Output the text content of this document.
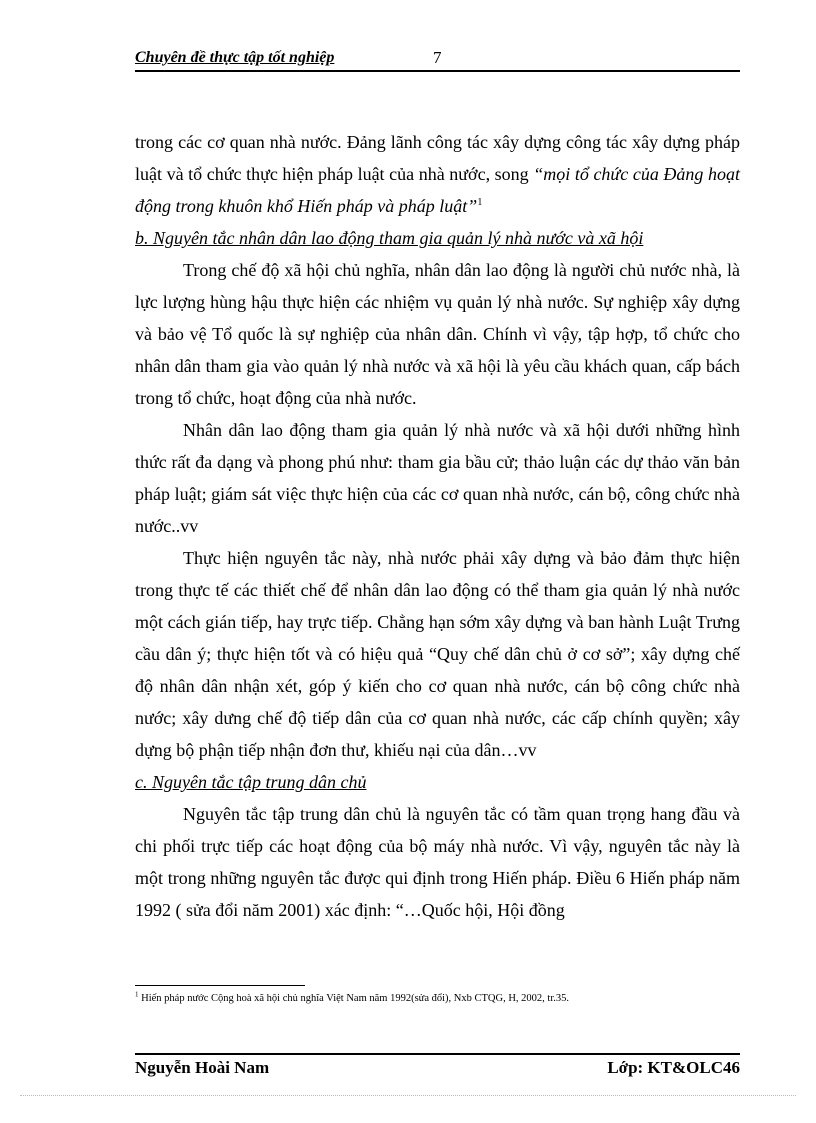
Chuyên đề thực tập tốt nghiệp	7

trong các cơ quan nhà nước. Đảng lãnh công tác xây dựng công tác xây dựng pháp luật và tổ chức thực hiện pháp luật của nhà nước, song “mọi tổ chức của Đảng hoạt động trong khuôn khổ Hiến pháp và pháp luật”$^1$

b. Nguyên tắc nhân dân lao động tham gia quản lý nhà nước và xã hội

Trong chế độ xã hội chủ nghĩa, nhân dân lao động là người chủ nước nhà, là lực lượng hùng hậu thực hiện các nhiệm vụ quản lý nhà nước. Sự nghiệp xây dựng và bảo vệ Tổ quốc là sự nghiệp của nhân dân. Chính vì vậy, tập hợp, tổ chức cho nhân dân tham gia vào quản lý nhà nước và xã hội là yêu cầu khách quan, cấp bách trong tổ chức, hoạt động của nhà nước.

Nhân dân lao động tham gia quản lý nhà nước và xã hội dưới những hình thức rất đa dạng và phong phú như: tham gia bầu cử; thảo luận các dự thảo văn bản pháp luật; giám sát việc thực hiện của các cơ quan nhà nước, cán bộ, công chức nhà nước..vv

Thực hiện nguyên tắc này, nhà nước phải xây dựng và bảo đảm thực hiện trong thực tế các thiết chế để nhân dân lao động có thể tham gia quản lý nhà nước một cách gián tiếp, hay trực tiếp. Chẳng hạn sớm xây dựng và ban hành Luật Trưng cầu dân ý; thực hiện tốt và có hiệu quả “Quy chế dân chủ ở cơ sở”; xây dựng chế độ nhân dân nhận xét, góp ý kiến cho cơ quan nhà nước, cán bộ công chức nhà nước; xây dưng chế độ tiếp dân của cơ quan nhà nước, các cấp chính quyền; xây dựng bộ phận tiếp nhận đơn thư, khiếu nại của dân…vv

c. Nguyên tắc tập trung dân chủ

Nguyên tắc tập trung dân chủ là nguyên tắc có tầm quan trọng hang đầu và chi phối trực tiếp các hoạt động của bộ máy nhà nước. Vì vậy, nguyên tắc này là một trong những nguyên tắc được qui định trong Hiến pháp. Điều 6 Hiến pháp năm 1992 ( sửa đổi năm 2001) xác định: “…Quốc hội, Hội đồng

$^1$ Hiến pháp nước Cộng hoà xã hội chủ nghĩa Việt Nam năm 1992(sửa đổi), Nxb CTQG, H, 2002, tr.35.
Nguyễn Hoài Nam	Lớp: KT&OLC46
